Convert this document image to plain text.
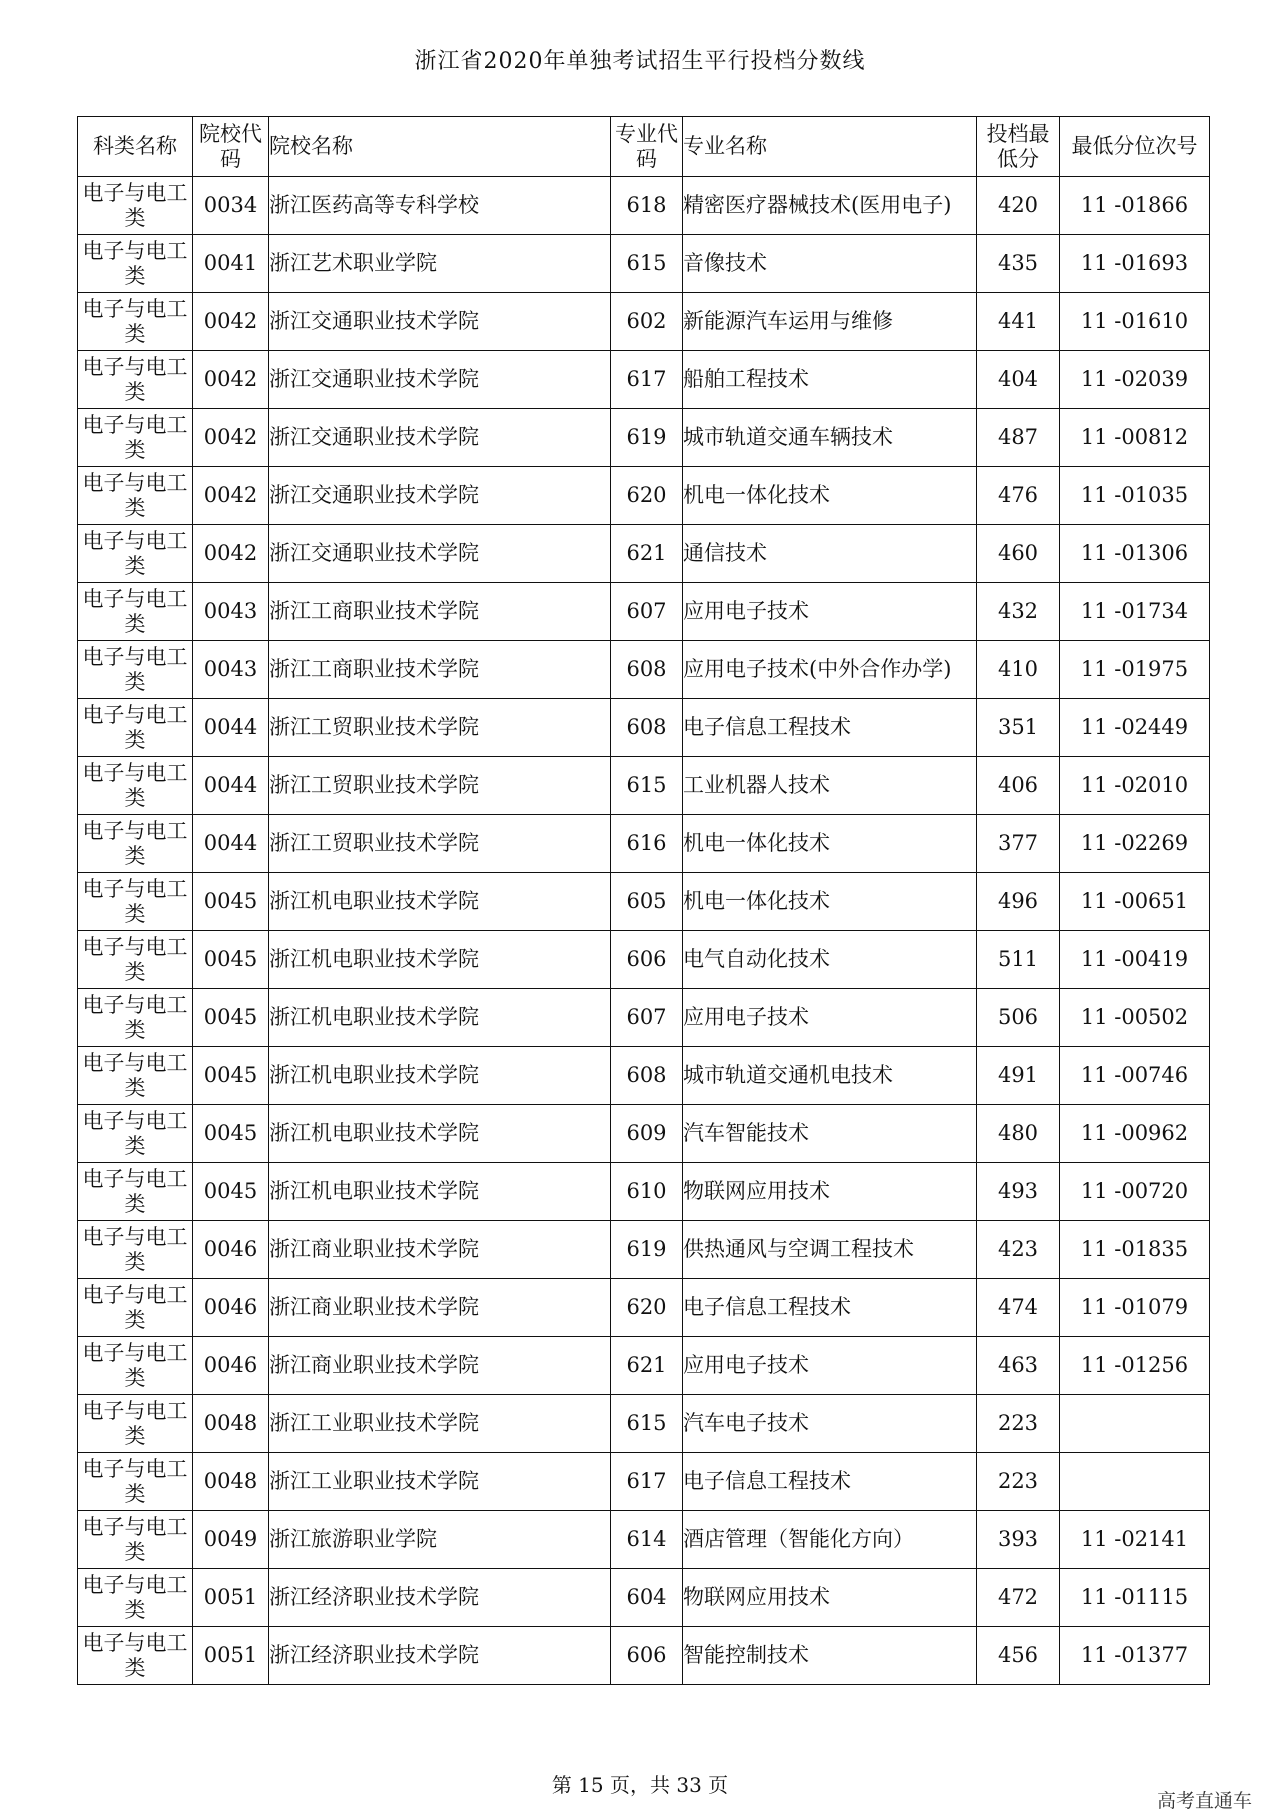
浙江省2020年单独考试招生平行投档分数线
科类名称	院校代码	院校名称	专业代码	专业名称	投档最低分	最低分位次号
电子与电工类	0034	浙江医药高等专科学校	618	精密医疗器械技术(医用电子)	420	11 -01866
电子与电工类	0041	浙江艺术职业学院	615	音像技术	435	11 -01693
电子与电工类	0042	浙江交通职业技术学院	602	新能源汽车运用与维修	441	11 -01610
电子与电工类	0042	浙江交通职业技术学院	617	船舶工程技术	404	11 -02039
电子与电工类	0042	浙江交通职业技术学院	619	城市轨道交通车辆技术	487	11 -00812
电子与电工类	0042	浙江交通职业技术学院	620	机电一体化技术	476	11 -01035
电子与电工类	0042	浙江交通职业技术学院	621	通信技术	460	11 -01306
电子与电工类	0043	浙江工商职业技术学院	607	应用电子技术	432	11 -01734
电子与电工类	0043	浙江工商职业技术学院	608	应用电子技术(中外合作办学)	410	11 -01975
电子与电工类	0044	浙江工贸职业技术学院	608	电子信息工程技术	351	11 -02449
电子与电工类	0044	浙江工贸职业技术学院	615	工业机器人技术	406	11 -02010
电子与电工类	0044	浙江工贸职业技术学院	616	机电一体化技术	377	11 -02269
电子与电工类	0045	浙江机电职业技术学院	605	机电一体化技术	496	11 -00651
电子与电工类	0045	浙江机电职业技术学院	606	电气自动化技术	511	11 -00419
电子与电工类	0045	浙江机电职业技术学院	607	应用电子技术	506	11 -00502
电子与电工类	0045	浙江机电职业技术学院	608	城市轨道交通机电技术	491	11 -00746
电子与电工类	0045	浙江机电职业技术学院	609	汽车智能技术	480	11 -00962
电子与电工类	0045	浙江机电职业技术学院	610	物联网应用技术	493	11 -00720
电子与电工类	0046	浙江商业职业技术学院	619	供热通风与空调工程技术	423	11 -01835
电子与电工类	0046	浙江商业职业技术学院	620	电子信息工程技术	474	11 -01079
电子与电工类	0046	浙江商业职业技术学院	621	应用电子技术	463	11 -01256
电子与电工类	0048	浙江工业职业技术学院	615	汽车电子技术	223	
电子与电工类	0048	浙江工业职业技术学院	617	电子信息工程技术	223	
电子与电工类	0049	浙江旅游职业学院	614	酒店管理（智能化方向）	393	11 -02141
电子与电工类	0051	浙江经济职业技术学院	604	物联网应用技术	472	11 -01115
电子与电工类	0051	浙江经济职业技术学院	606	智能控制技术	456	11 -01377
第 15 页，共 33 页
高考直通车
